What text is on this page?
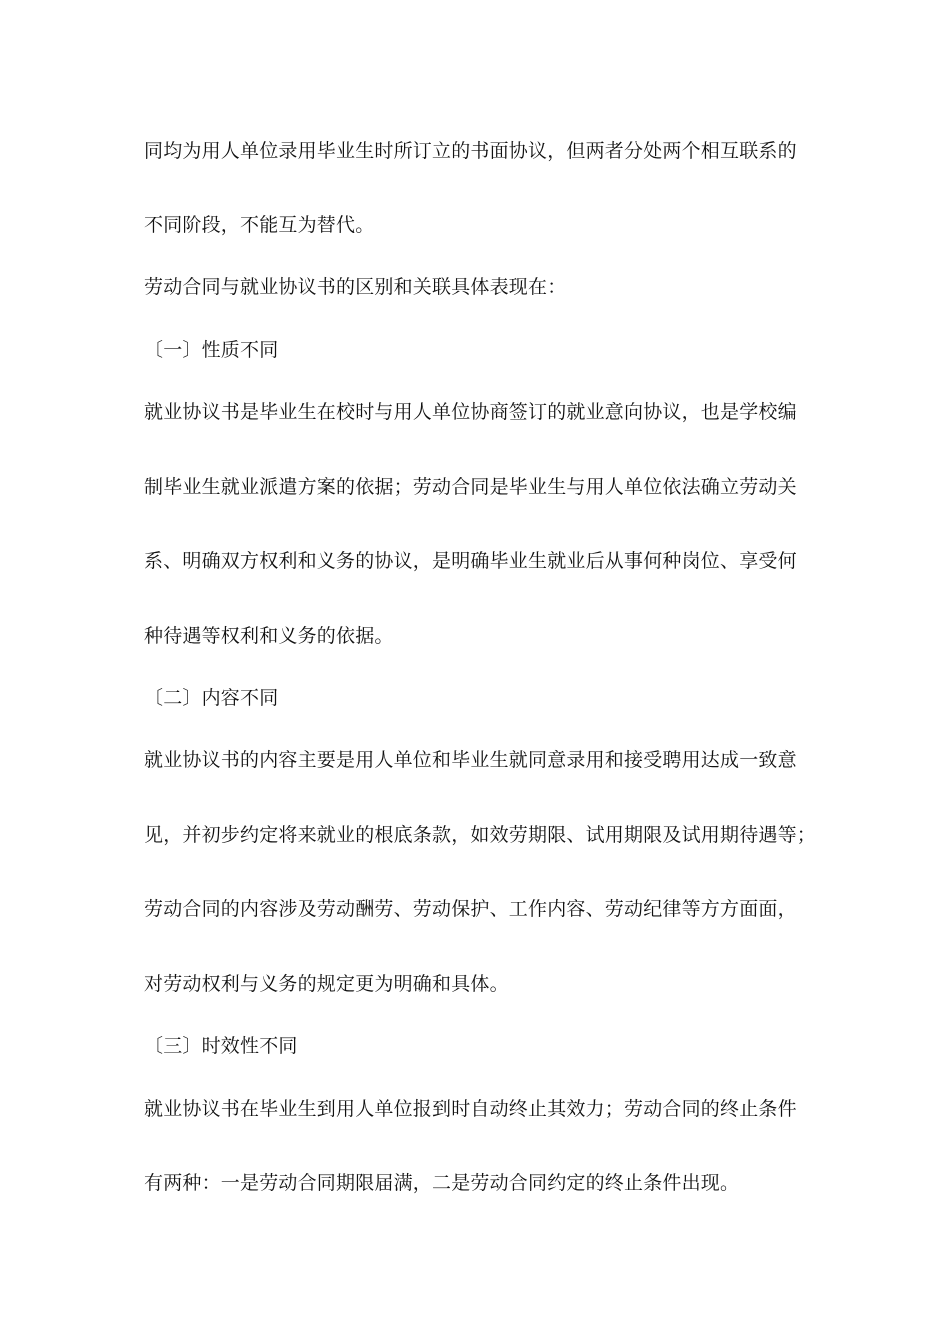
同均为用人单位录用毕业生时所订立的书面协议，但两者分处两个相互联系的
不同阶段，不能互为替代。
劳动合同与就业协议书的区别和关联具体表现在：
〔一〕性质不同
就业协议书是毕业生在校时与用人单位协商签订的就业意向协议，也是学校编
制毕业生就业派遣方案的依据；劳动合同是毕业生与用人单位依法确立劳动关
系、明确双方权利和义务的协议，是明确毕业生就业后从事何种岗位、享受何
种待遇等权利和义务的依据。
〔二〕内容不同
就业协议书的内容主要是用人单位和毕业生就同意录用和接受聘用达成一致意
见，并初步约定将来就业的根底条款，如效劳期限、试用期限及试用期待遇等；
劳动合同的内容涉及劳动酬劳、劳动保护、工作内容、劳动纪律等方方面面，
对劳动权利与义务的规定更为明确和具体。
〔三〕时效性不同
就业协议书在毕业生到用人单位报到时自动终止其效力；劳动合同的终止条件
有两种：一是劳动合同期限届满，二是劳动合同约定的终止条件出现。
